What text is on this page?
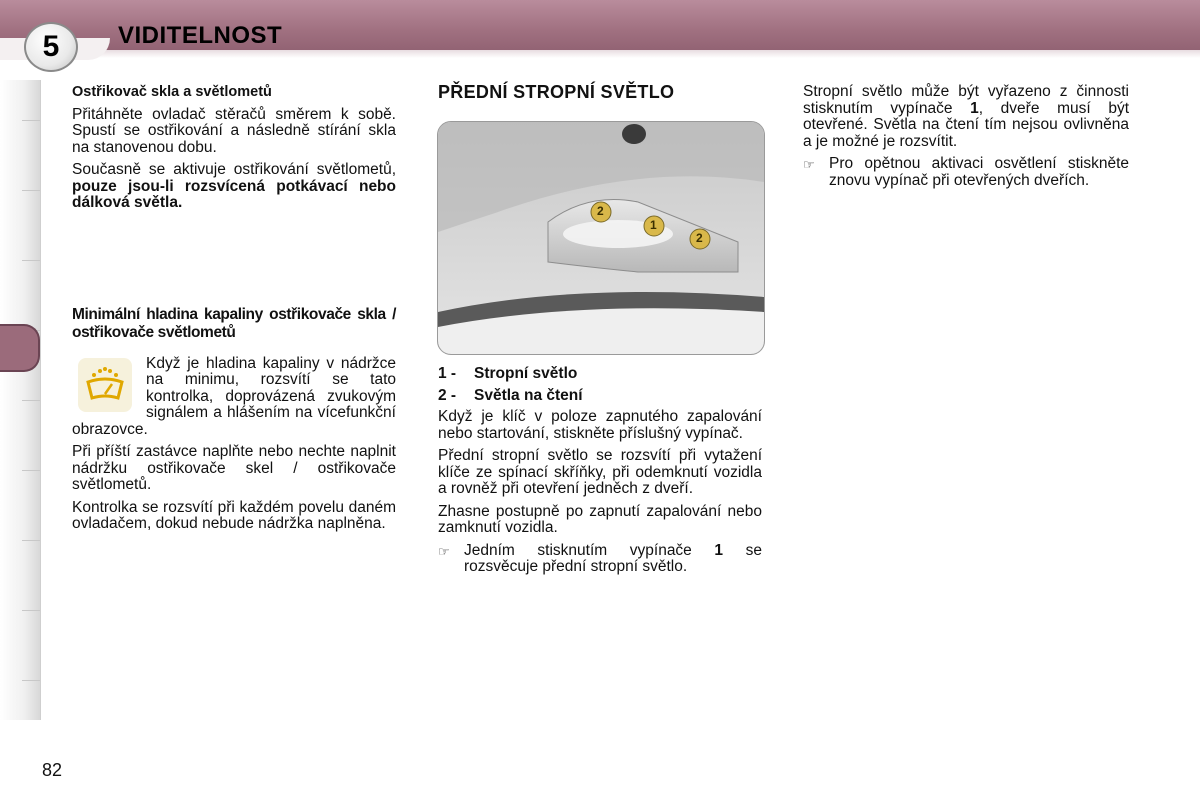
5	VIDITELNOST
Ostřikovač skla a světlometů

Přitáhněte ovladač stěračů směrem k sobě. Spustí se ostřikování a následně stírání skla na stanovenou dobu.

Současně se aktivuje ostřikování světlometů, pouze jsou-li rozsvícená potkávací nebo dálková světla.

Minimální hladina kapaliny ostřikovače skla / ostřikovače světlometů

Když je hladina kapaliny v nádržce na minimu, rozsvítí se tato kontrolka, doprovázená zvukovým signálem a hlášením na vícefunkční obrazovce.

Při příští zastávce naplňte nebo nechte naplnit nádržku ostřikovače skel / ostřikovače světlometů.

Kontrolka se rozsvítí při každém povelu daném ovladačem, dokud nebude nádržka naplněna.

PŘEDNÍ STROPNÍ SVĚTLO
2
1
2
1 -	Stropní světlo
2 -	Světla na čtení

Když je klíč v poloze zapnutého zapalování nebo startování, stiskněte příslušný vypínač.

Přední stropní světlo se rozsvítí při vytažení klíče ze spínací skříňky, při odemknutí vozidla a rovněž při otevření jedněch z dveří.

Zhasne postupně po zapnutí zapalování nebo zamknutí vozidla.

☞ Jedním stisknutím vypínače 1 se rozsvěcuje přední stropní světlo.

Stropní světlo může být vyřazeno z činnosti stisknutím vypínače 1, dveře musí být otevřené. Světla na čtení tím nejsou ovlivněna a je možné je rozsvítit.

☞ Pro opětnou aktivaci osvětlení stiskněte znovu vypínač při otevřených dveřích.
82
